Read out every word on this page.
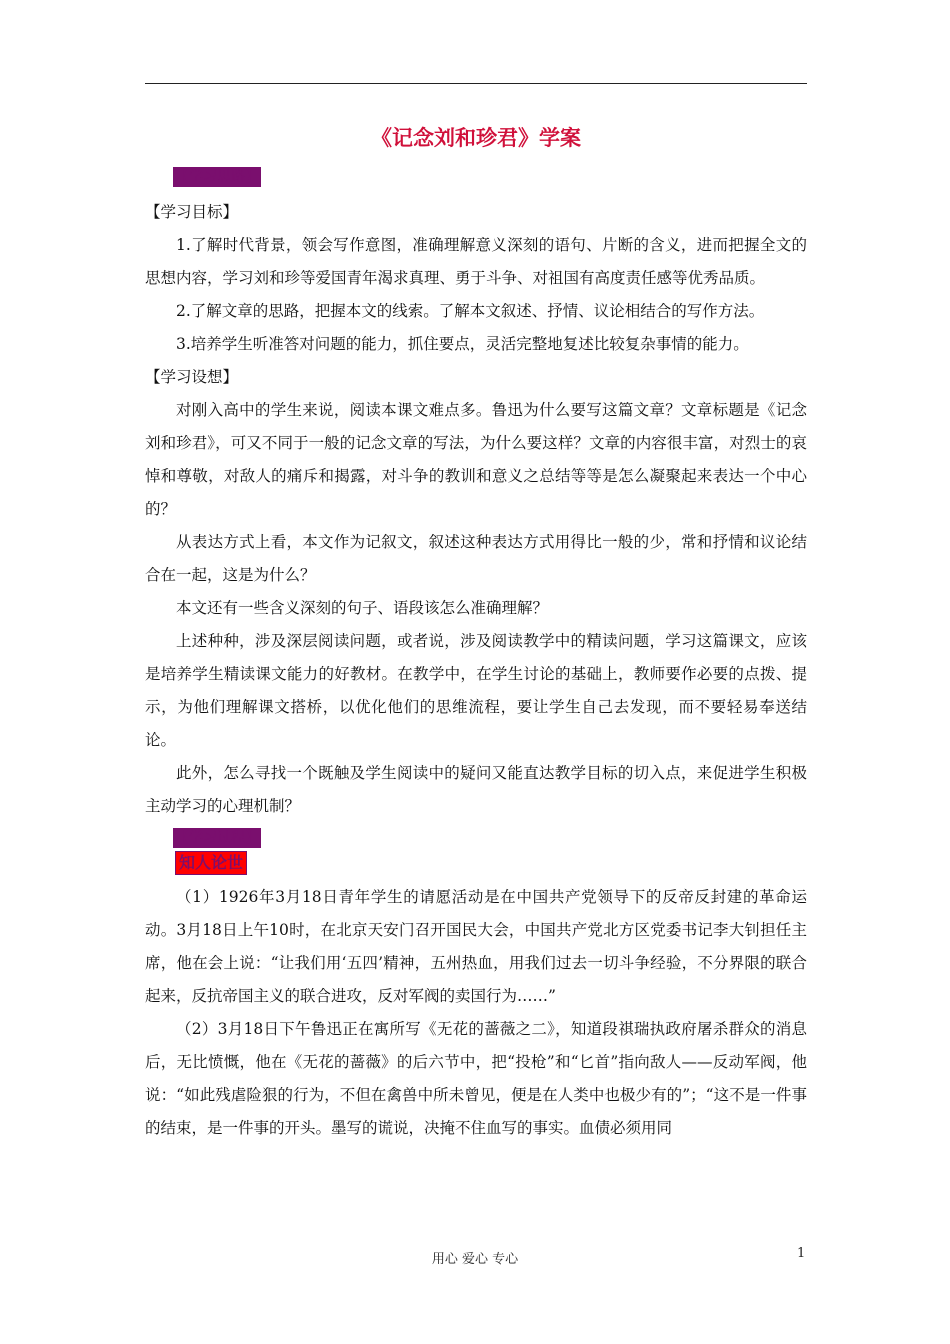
《记念刘和珍君》学案
【学习思路】
【学习目标】

1.了解时代背景，领会写作意图，准确理解意义深刻的语句、片断的含义，进而把握全文的思想内容，学习刘和珍等爱国青年渴求真理、勇于斗争、对祖国有高度责任感等优秀品质。

2.了解文章的思路，把握本文的线索。了解本文叙述、抒情、议论相结合的写作方法。

3.培养学生听准答对问题的能力，抓住要点，灵活完整地复述比较复杂事情的能力。

【学习设想】

对刚入高中的学生来说，阅读本课文难点多。鲁迅为什么要写这篇文章？文章标题是《记念刘和珍君》，可又不同于一般的记念文章的写法，为什么要这样？文章的内容很丰富，对烈士的哀悼和尊敬，对敌人的痛斥和揭露，对斗争的教训和意义之总结等等是怎么凝聚起来表达一个中心的？

从表达方式上看，本文作为记叙文，叙述这种表达方式用得比一般的少，常和抒情和议论结合在一起，这是为什么？

本文还有一些含义深刻的句子、语段该怎么准确理解？

上述种种，涉及深层阅读问题，或者说，涉及阅读教学中的精读问题，学习这篇课文，应该是培养学生精读课文能力的好教材。在教学中，在学生讨论的基础上，教师要作必要的点拨、提示，为他们理解课文搭桥，以优化他们的思维流程，要让学生自己去发现，而不要轻易奉送结论。

此外，怎么寻找一个既触及学生阅读中的疑问又能直达教学目标的切入点，来促进学生积极主动学习的心理机制？

【学习过程】
知人论世

（1）1926年3月18日青年学生的请愿活动是在中国共产党领导下的反帝反封建的革命运动。3月18日上午10时，在北京天安门召开国民大会，中国共产党北方区党委书记李大钊担任主席，他在会上说：“让我们用‘五四’精神，五州热血，用我们过去一切斗争经验，不分界限的联合起来，反抗帝国主义的联合进攻，反对军阀的卖国行为……”

（2）3月18日下午鲁迅正在寓所写《无花的蔷薇之二》，知道段祺瑞执政府屠杀群众的消息后，无比愤慨，他在《无花的蔷薇》的后六节中，把“投枪”和“匕首”指向敌人——反动军阀，他说：“如此残虐险狠的行为，不但在禽兽中所未曾见，便是在人类中也极少有的”；“这不是一件事的结束，是一件事的开头。墨写的谎说，决掩不住血写的事实。血债必须用同

用心 爱心 专心	1
